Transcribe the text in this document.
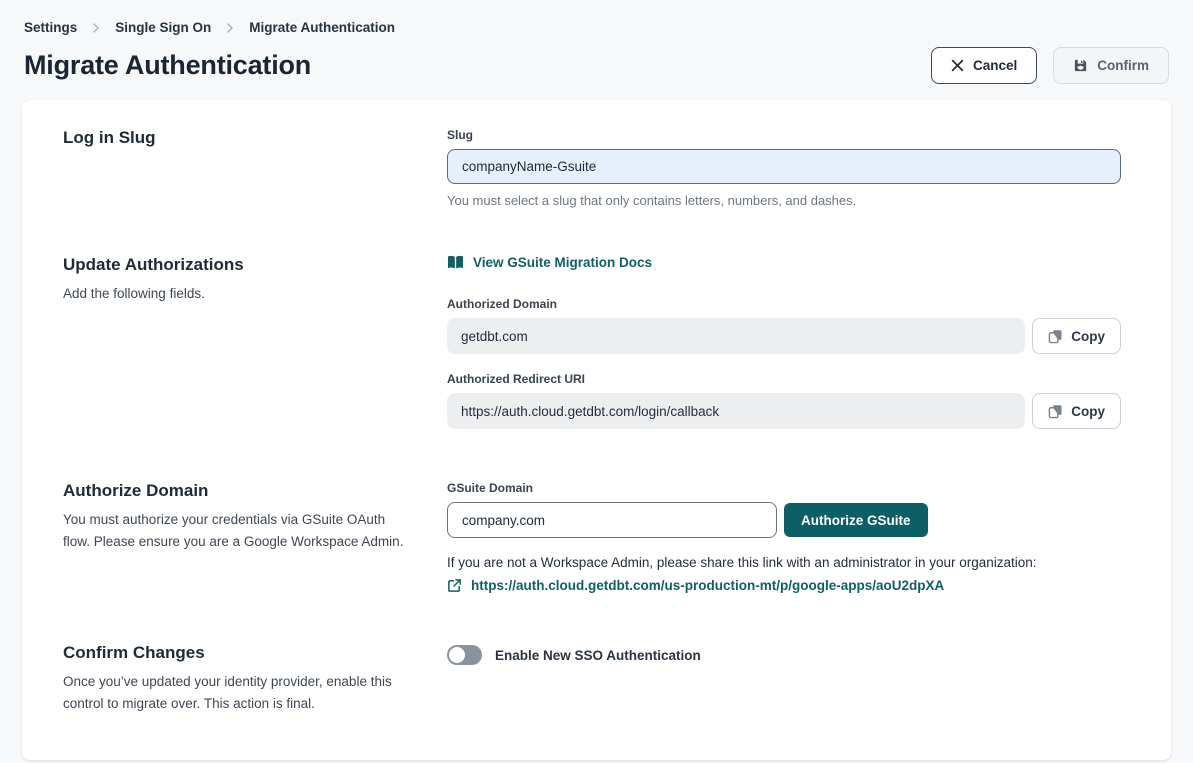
Settings	Single Sign On	Migrate Authentication
Migrate Authentication	Cancel	Confirm
Log in Slug	Slug
companyName-Gsuite
You must select a slug that only contains letters, numbers, and dashes.
Update Authorizations
Add the following fields.
View GSuite Migration Docs
Authorized Domain
getdbt.com	Copy
Authorized Redirect URI
https://auth.cloud.getdbt.com/login/callback	Copy
Authorize Domain
You must authorize your credentials via GSuite OAuth flow. Please ensure you are a Google Workspace Admin.
GSuite Domain
company.com
Authorize GSuite
If you are not a Workspace Admin, please share this link with an administrator in your organization:
https://auth.cloud.getdbt.com/us-production-mt/p/google-apps/aoU2dpXA
Confirm Changes
Once you’ve updated your identity provider, enable this control to migrate over. This action is final.
Enable New SSO Authentication
